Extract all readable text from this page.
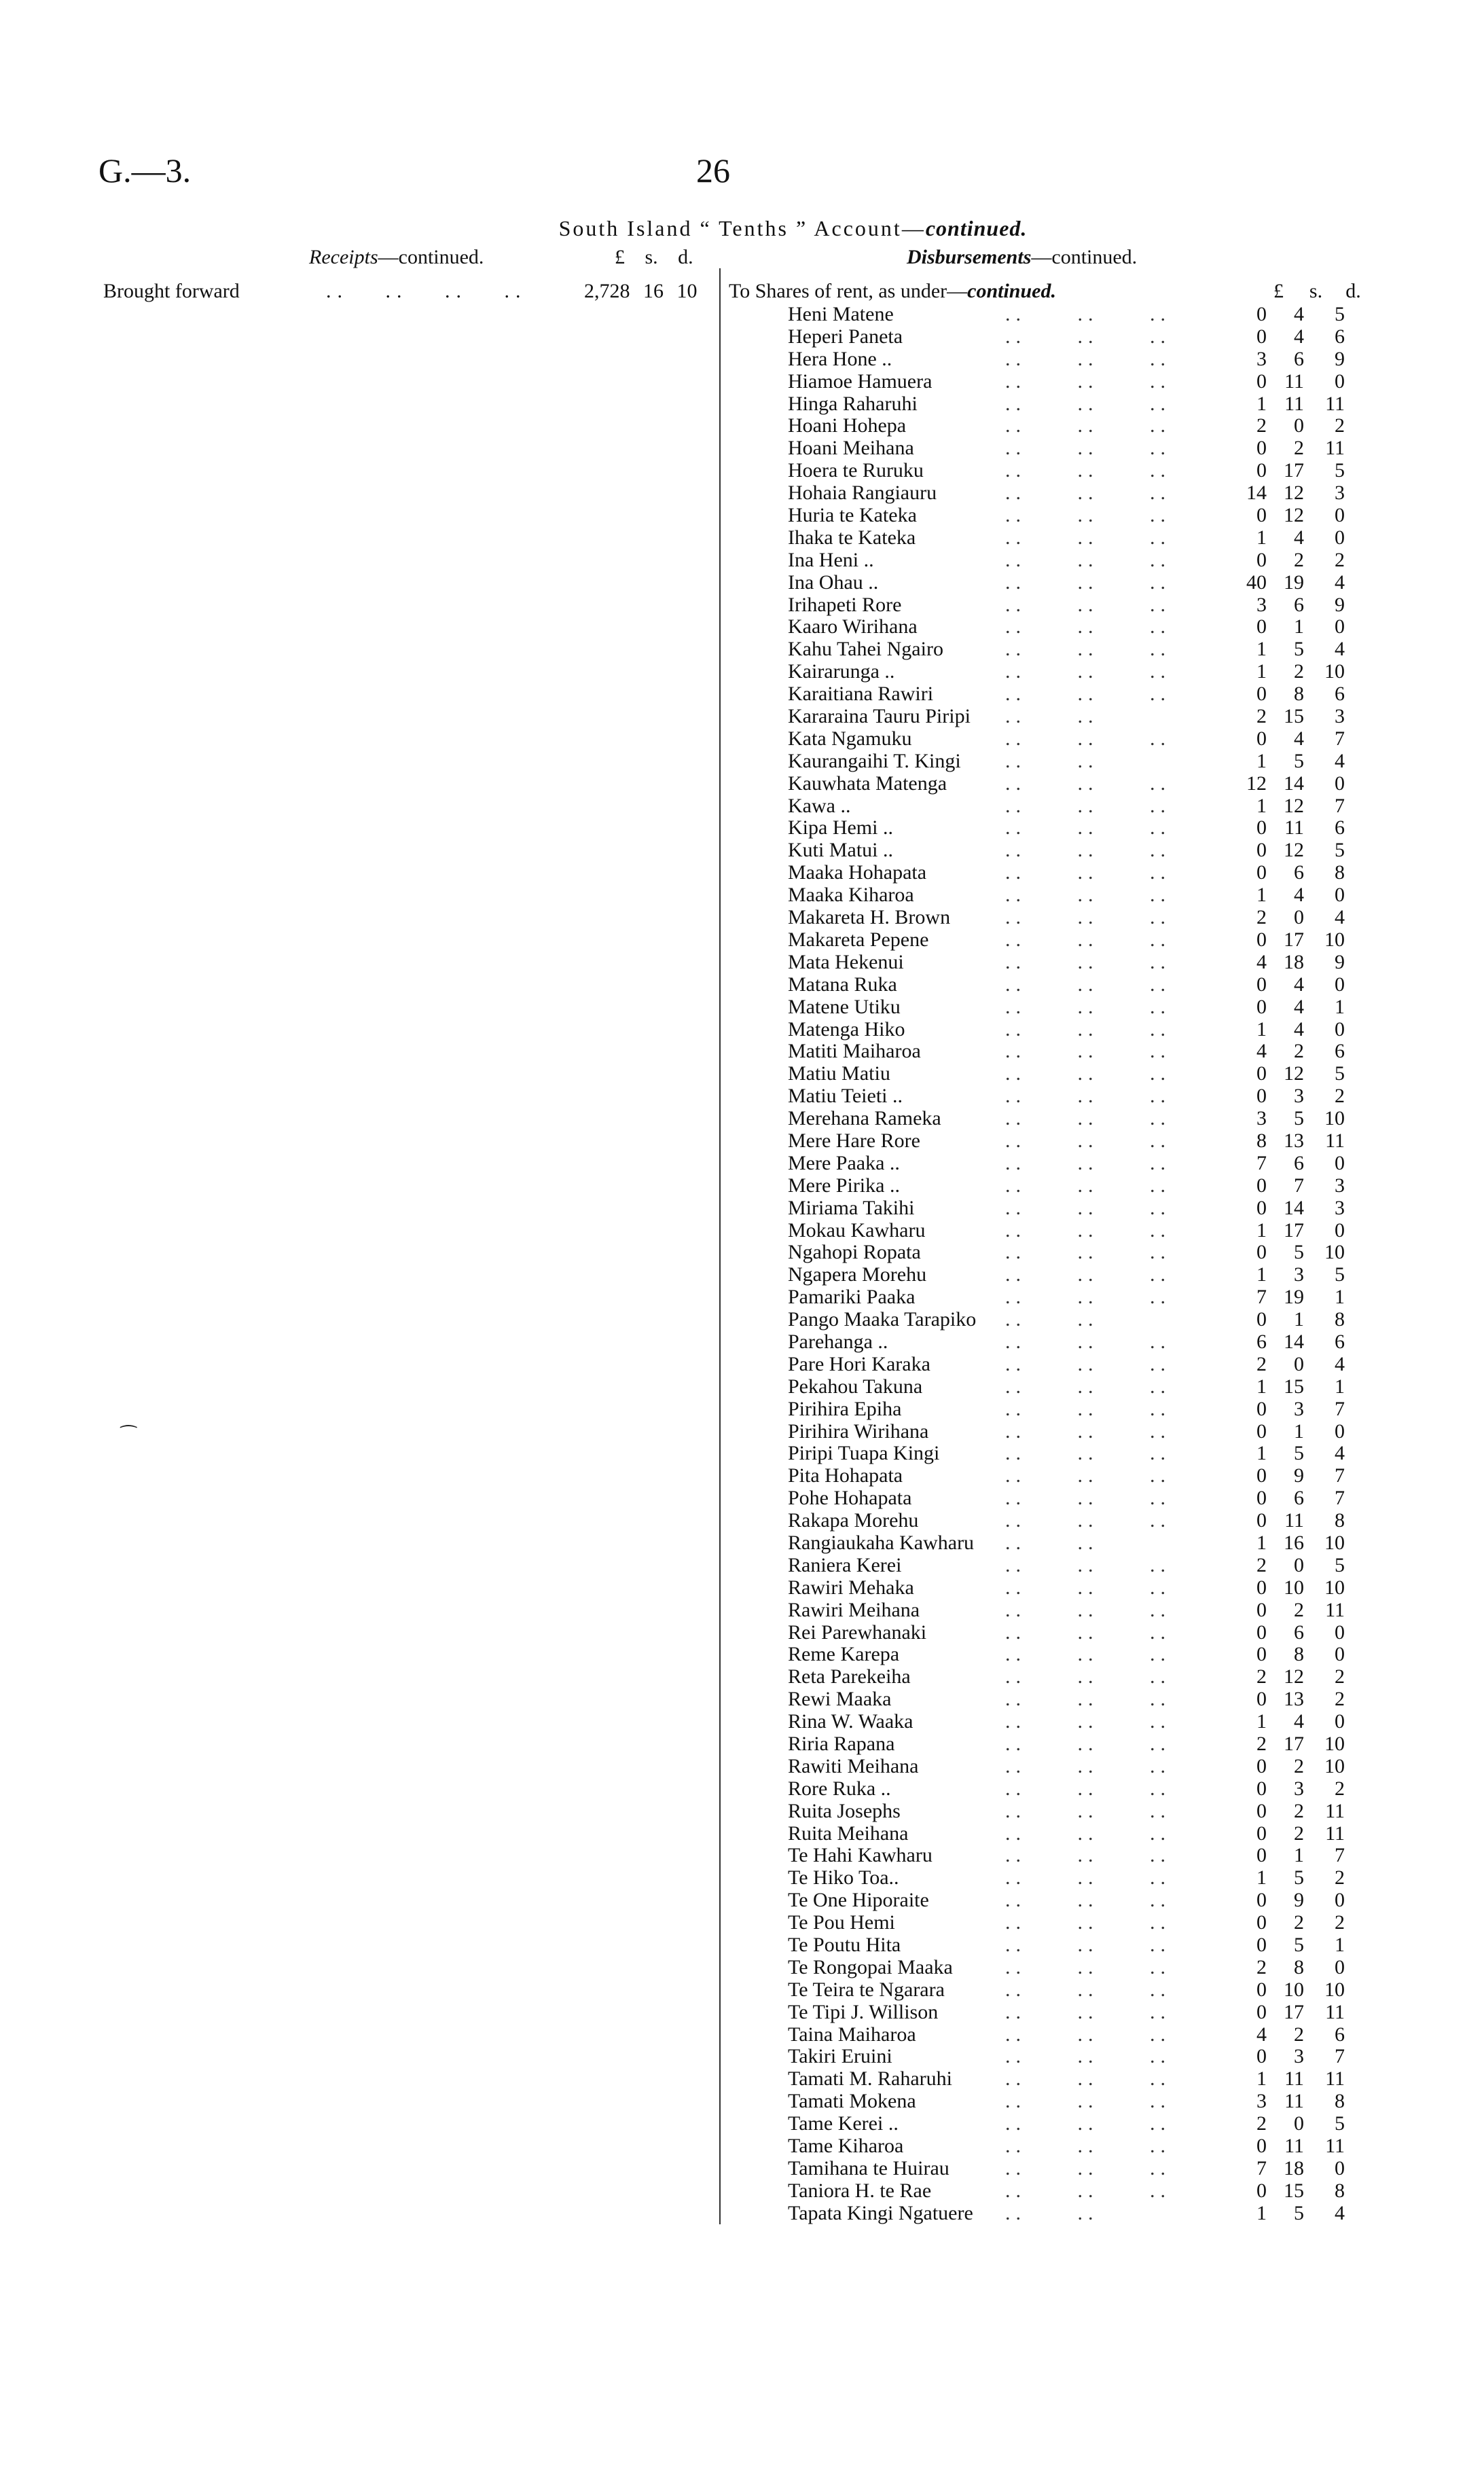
G.—3.	26
South Island “ Tenths ” Account—continued.
Receipts—continued.	£ s. d.	Disbursements—continued.
Brought forward	.. .. .. ..	2,728 16 10 To Shares of rent, as under—continued.	£ s. d.
Heni Matene	.. .. ..	0	4	5
Heperi Paneta	.. .. ..	0	4	6
Hera Hone ..	.. .. ..	3	6	9
Hiamoe Hamuera	.. .. ..	0 11	0
Hinga Raharuhi	.. .. ..	1 11	11
Hoani Hohepa	.. .. ..	2	0	2
Hoani Meihana	.. .. ..	0	2	11
Hoera te Ruruku	.. .. ..	0 17	5
Hohaia Rangiauru	.. .. ..	14 12	3
Huria te Kateka	.. .. ..	0 12	0
Ihaka te Kateka	.. .. ..	1	4	0
Ina Heni ..	.. .. ..	0	2	2
Ina Ohau ..	.. .. ..	40 19	4
Irihapeti Rore	.. .. ..	3	6	9
Kaaro Wirihana	.. .. ..	0	1	0
Kahu Tahei Ngairo	.. .. ..	1	5	4
Kairarunga ..	.. .. ..	1	2	10
Karaitiana Rawiri	.. .. ..	0	8	6
Kararaina Tauru Piripi .. ..	2 15	3
Kata Ngamuku	.. .. ..	0	4	7
Kaurangaihi T. Kingi .. ..	1	5	4
Kauwhata Matenga	.. .. ..	12 14	0
Kawa ..	.. .. ..	1 12	7
Kipa Hemi ..	.. .. ..	0 11	6
Kuti Matui ..	.. .. ..	0 12	5
Maaka Hohapata	.. .. ..	0	6	8
Maaka Kiharoa	.. .. ..	1	4	0
Makareta H. Brown	.. .. ..	2	0	4
Makareta Pepene	.. .. ..	0 17	10
Mata Hekenui	.. .. ..	4 18	9
Matana Ruka	.. .. ..	0	4	0
Matene Utiku	.. .. ..	0	4	1
Matenga Hiko	.. .. ..	1	4	0
Matiti Maiharoa	.. .. ..	4	2	6
Matiu Matiu	.. .. ..	0 12	5
Matiu Teieti ..	.. .. ..	0	3	2
Merehana Rameka	.. .. ..	3	5	10
Mere Hare Rore	.. .. ..	8 13	11
Mere Paaka ..	.. .. ..	7	6	0
Mere Pirika ..	.. .. ..	0	7	3
Miriama Takihi	.. .. ..	0 14	3
Mokau Kawharu	.. .. ..	1 17	0
Ngahopi Ropata	.. .. ..	0	5	10
Ngapera Morehu	.. .. ..	1	3	5
Pamariki Paaka	.. .. ..	7 19	1
Pango Maaka Tarapiko .. ..	0	1	8
Parehanga ..	.. .. ..	6 14	6
Pare Hori Karaka	.. .. ..	2	0	4
Pekahou Takuna	.. .. ..	1 15	1
Pirihira Epiha	.. .. ..	0	3	7
Pirihira Wirihana	.. .. ..	0	1	0
Piripi Tuapa Kingi	.. .. ..	1	5	4
Pita Hohapata	.. .. ..	0	9	7
Pohe Hohapata	.. .. ..	0	6	7
Rakapa Morehu	.. .. ..	0 11	8
Rangiaukaha Kawharu .. ..	1 16	10
Raniera Kerei	.. .. ..	2	0	5
Rawiri Mehaka	.. .. ..	0 10	10
Rawiri Meihana	.. .. ..	0	2	11
Rei Parewhanaki	.. .. ..	0	6	0
Reme Karepa	.. .. ..	0	8	0
Reta Parekeiha	.. .. ..	2 12	2
Rewi Maaka	.. .. ..	0 13	2
Rina W. Waaka	.. .. ..	1	4	0
Riria Rapana	.. .. ..	2 17	10
Rawiti Meihana	.. .. ..	0	2	10
Rore Ruka ..	.. .. ..	0	3	2
Ruita Josephs	.. .. ..	0	2	11
Ruita Meihana	.. .. ..	0	2	11
Te Hahi Kawharu	.. .. ..	0	1	7
Te Hiko Toa..	.. .. ..	1	5	2
Te One Hiporaite	.. .. ..	0	9	0
Te Pou Hemi	.. .. ..	0	2	2
Te Poutu Hita	.. .. ..	0	5	1
Te Rongopai Maaka	.. .. ..	2	8	0
Te Teira te Ngarara	.. .. ..	0 10	10
Te Tipi J. Willison	.. .. ..	0 17	11
Taina Maiharoa	.. .. ..	4	2	6
Takiri Eruini	.. .. ..	0	3	7
Tamati M. Raharuhi	.. .. ..	1 11	11
Tamati Mokena	.. .. ..	3 11	8
Tame Kerei ..	.. .. ..	2	0	5
Tame Kiharoa	.. .. ..	0 11	11
Tamihana te Huirau	.. .. ..	7 18	0
Taniora H. te Rae	.. .. ..	0 15	8
Tapata Kingi Ngatuere .. ..	1	5	4
⁀
